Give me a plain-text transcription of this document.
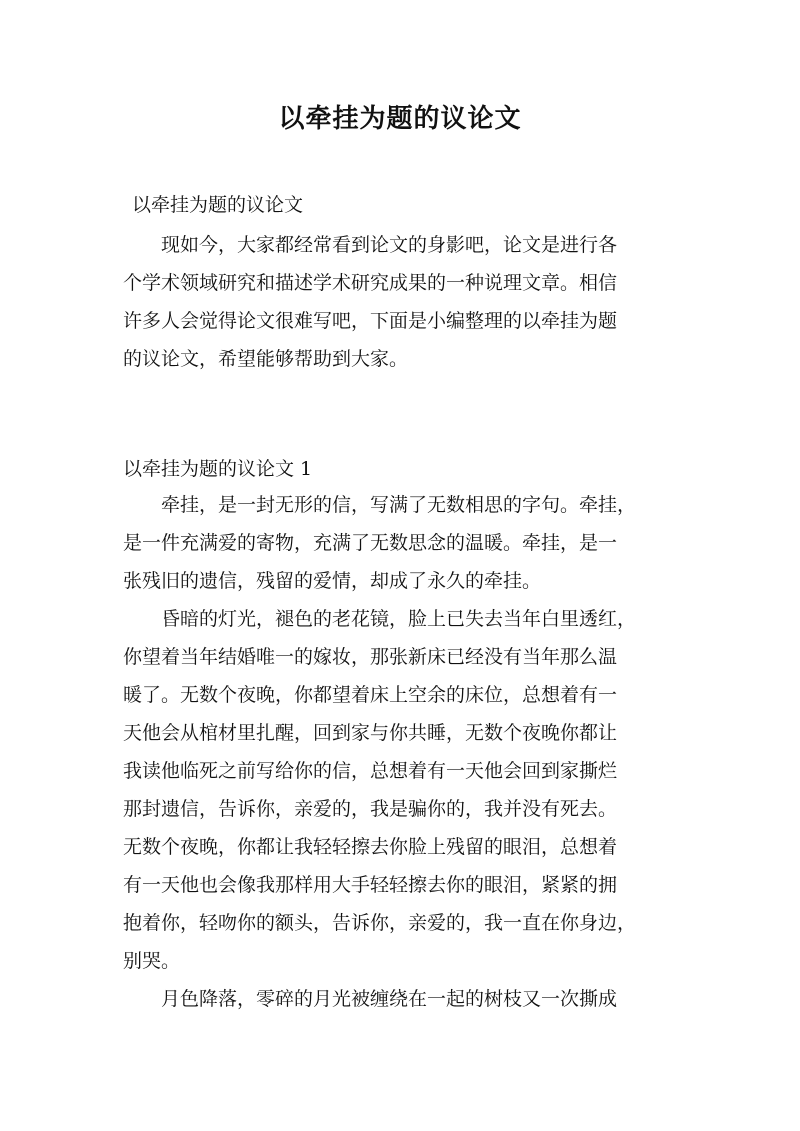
以牵挂为题的议论文

以牵挂为题的议论文

现如今，大家都经常看到论文的身影吧，论文是进行各
个学术领域研究和描述学术研究成果的一种说理文章。相信
许多人会觉得论文很难写吧，下面是小编整理的以牵挂为题
的议论文，希望能够帮助到大家。

以牵挂为题的议论文 1

牵挂，是一封无形的信，写满了无数相思的字句。牵挂，
是一件充满爱的寄物，充满了无数思念的温暖。牵挂，是一
张残旧的遗信，残留的爱情，却成了永久的牵挂。

昏暗的灯光，褪色的老花镜，脸上已失去当年白里透红，
你望着当年结婚唯一的嫁妆，那张新床已经没有当年那么温
暖了。无数个夜晚，你都望着床上空余的床位，总想着有一
天他会从棺材里扎醒，回到家与你共睡，无数个夜晚你都让
我读他临死之前写给你的信，总想着有一天他会回到家撕烂
那封遗信，告诉你，亲爱的，我是骗你的，我并没有死去。
无数个夜晚，你都让我轻轻擦去你脸上残留的眼泪，总想着
有一天他也会像我那样用大手轻轻擦去你的眼泪，紧紧的拥
抱着你，轻吻你的额头，告诉你，亲爱的，我一直在你身边，
别哭。

月色降落，零碎的月光被缠绕在一起的树枝又一次撕成
